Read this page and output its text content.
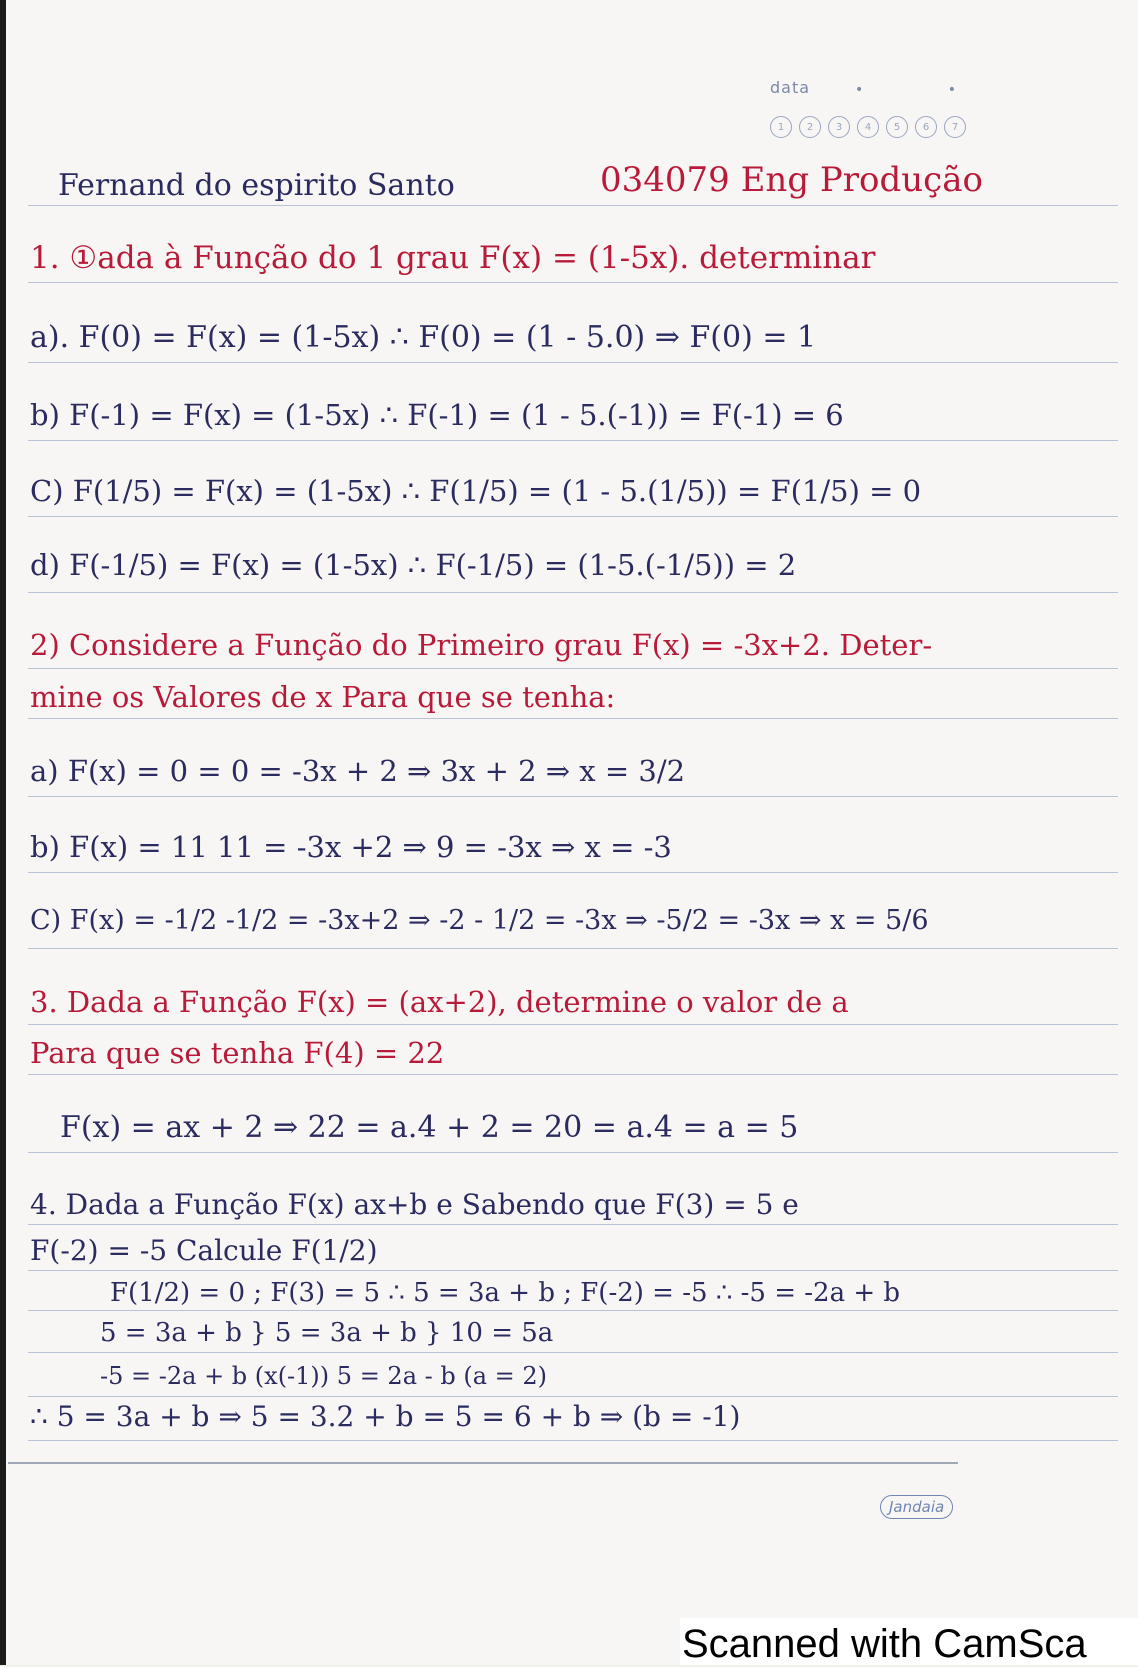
data	• •
1	2	3	4	5	6	7
Fernand do espirito Santo	034079 Eng Produção
1. ①ada à Função do 1 grau F(x) = (1-5x). determinar
a). F(0) = F(x) = (1-5x) ∴ F(0) = (1 - 5.0) ⇒ F(0) = 1
b) F(-1) = F(x) = (1-5x) ∴ F(-1) = (1 - 5.(-1)) = F(-1) = 6
C) F(1/5) = F(x) = (1-5x) ∴ F(1/5) = (1 - 5.(1/5)) = F(1/5) = 0
d) F(-1/5) = F(x) = (1-5x) ∴ F(-1/5) = (1-5.(-1/5)) = 2
2) Considere a Função do Primeiro grau F(x) = -3x+2. Deter-
mine os Valores de x Para que se tenha:
a) F(x) = 0 = 0 = -3x + 2 ⇒ 3x + 2 ⇒ x = 3/2
b) F(x) = 11 11 = -3x +2 ⇒ 9 = -3x ⇒ x = -3
C) F(x) = -1/2 -1/2 = -3x+2 ⇒ -2 - 1/2 = -3x ⇒ -5/2 = -3x ⇒ x = 5/6
3. Dada a Função F(x) = (ax+2), determine o valor de a
Para que se tenha F(4) = 22
F(x) = ax + 2 ⇒ 22 = a.4 + 2 = 20 = a.4 = a = 5
4. Dada a Função F(x) ax+b e Sabendo que F(3) = 5 e
F(-2) = -5 Calcule F(1/2)
F(1/2) = 0 ; F(3) = 5 ∴ 5 = 3a + b ; F(-2) = -5 ∴ -5 = -2a + b
5 = 3a + b } 5 = 3a + b } 10 = 5a
-5 = -2a + b (x(-1)) 5 = 2a - b (a = 2)
∴ 5 = 3a + b ⇒ 5 = 3.2 + b = 5 = 6 + b ⇒ (b = -1)
Jandaia
Scanned with CamSca
